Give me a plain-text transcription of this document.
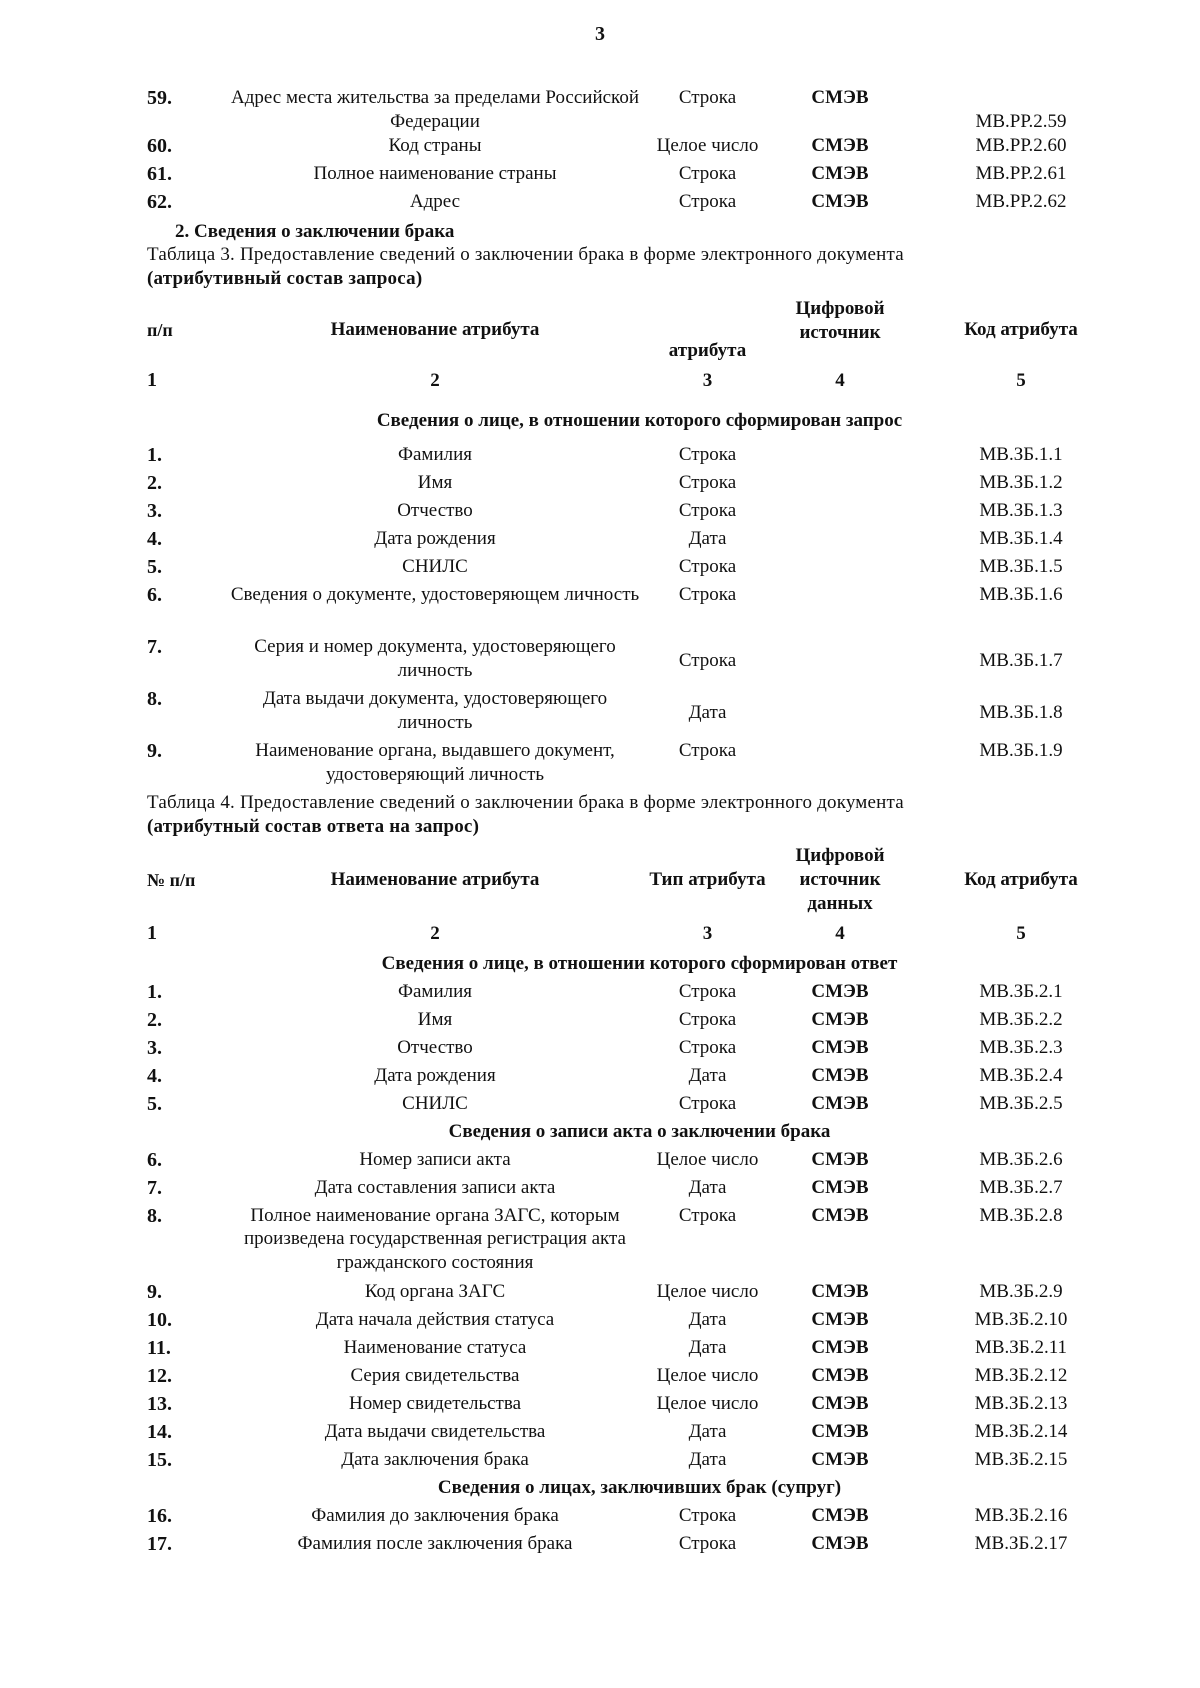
3
59.	Адрес места жительства за пределами Российской Федерации	Строка	СМЭВ	МВ.РР.2.59
60.	Код страны	Целое число	СМЭВ	МВ.РР.2.60
61.	Полное наименование страны	Строка	СМЭВ	МВ.РР.2.61
62.	Адрес	Строка	СМЭВ	МВ.РР.2.62
2. Сведения о заключении брака

Таблица 3. Предоставление сведений о заключении брака в форме электронного документа

(атрибутивный состав запроса)

п/п	Наименование атрибута	атрибута	Цифровой источник	Код атрибута
1	2	3	4	5
Сведения о лице, в отношении которого сформирован запрос				
1.	Фамилия	Строка		МВ.ЗБ.1.1
2.	Имя	Строка		МВ.ЗБ.1.2
3.	Отчество	Строка		МВ.ЗБ.1.3
4.	Дата рождения	Дата		МВ.ЗБ.1.4
5.	СНИЛС	Строка		МВ.ЗБ.1.5
6.	Сведения о документе, удостоверяющем личность	Строка		МВ.ЗБ.1.6
7.	Серия и номер документа, удостоверяющего личность	Строка		МВ.ЗБ.1.7
8.	Дата выдачи документа, удостоверяющего личность	Дата		МВ.ЗБ.1.8
9.	Наименование органа, выдавшего документ, удостоверяющий личность	Строка		МВ.ЗБ.1.9

Таблица 4. Предоставление сведений о заключении брака в форме электронного документа

(атрибутный состав ответа на запрос)

№ п/п	Наименование атрибута	Тип атрибута	Цифровой источник данных	Код атрибута
1	2	3	4	5
Сведения о лице, в отношении которого сформирован ответ				
1.	Фамилия	Строка	СМЭВ	МВ.ЗБ.2.1
2.	Имя	Строка	СМЭВ	МВ.ЗБ.2.2
3.	Отчество	Строка	СМЭВ	МВ.ЗБ.2.3
4.	Дата рождения	Дата	СМЭВ	МВ.ЗБ.2.4
5.	СНИЛС	Строка	СМЭВ	МВ.ЗБ.2.5
Сведения о записи акта о заключении брака				
6.	Номер записи акта	Целое число	СМЭВ	МВ.ЗБ.2.6
7.	Дата составления записи акта	Дата	СМЭВ	МВ.ЗБ.2.7
8.	Полное наименование органа ЗАГС, которым произведена государственная регистрация акта гражданского состояния	Строка	СМЭВ	МВ.ЗБ.2.8
9.	Код органа ЗАГС	Целое число	СМЭВ	МВ.ЗБ.2.9
10.	Дата начала действия статуса	Дата	СМЭВ	МВ.ЗБ.2.10
11.	Наименование статуса	Дата	СМЭВ	МВ.ЗБ.2.11
12.	Серия свидетельства	Целое число	СМЭВ	МВ.ЗБ.2.12
13.	Номер свидетельства	Целое число	СМЭВ	МВ.ЗБ.2.13
14.	Дата выдачи свидетельства	Дата	СМЭВ	МВ.ЗБ.2.14
15.	Дата заключения брака	Дата	СМЭВ	МВ.ЗБ.2.15
Сведения о лицах, заключивших брак (супруг)				
16.	Фамилия до заключения брака	Строка	СМЭВ	МВ.ЗБ.2.16
17.	Фамилия после заключения брака	Строка	СМЭВ	МВ.ЗБ.2.17
